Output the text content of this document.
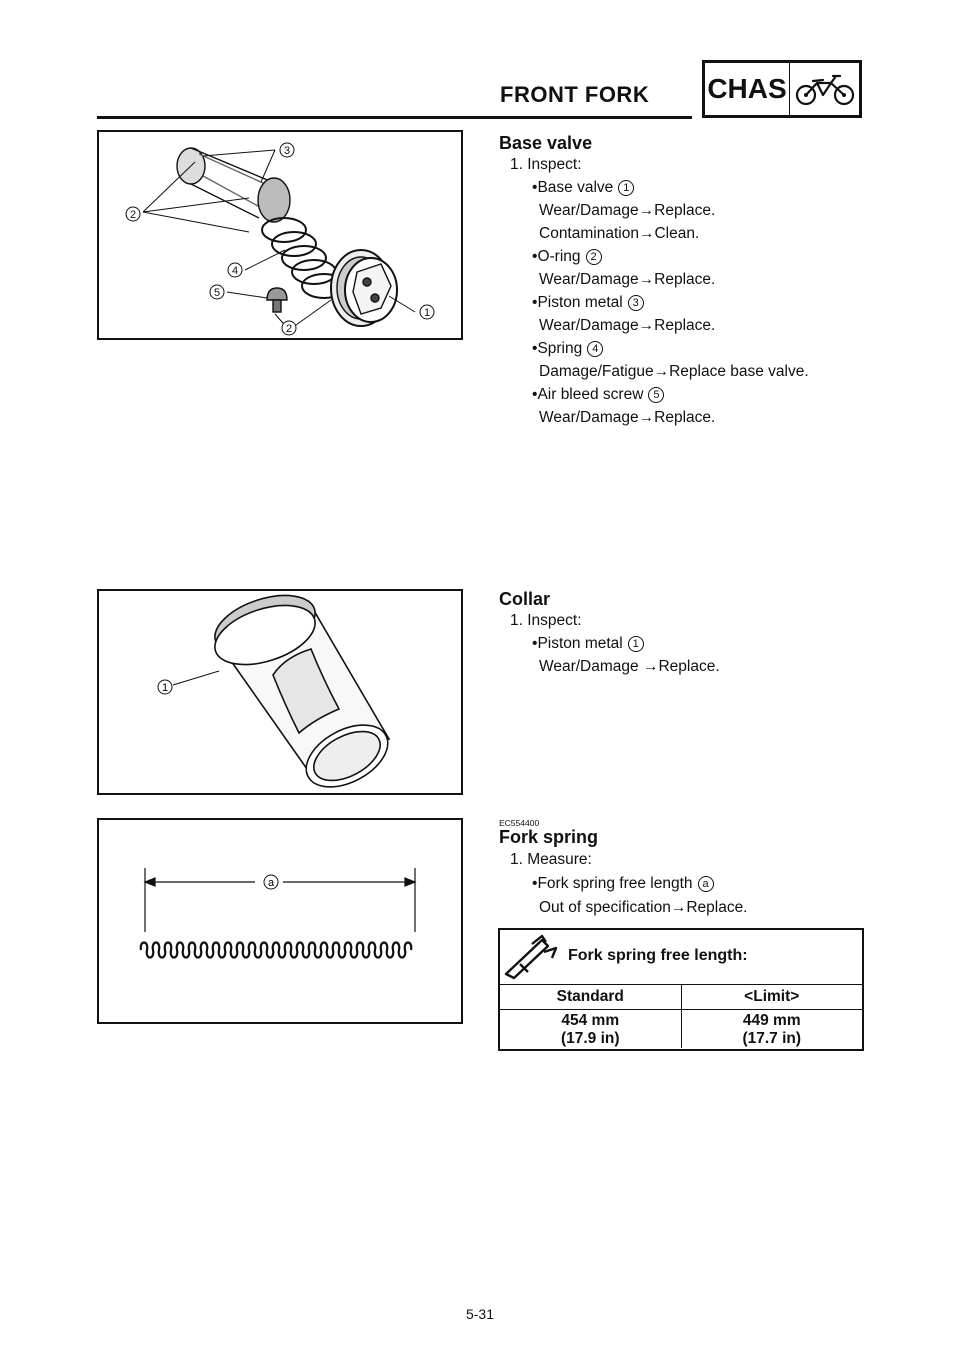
FRONT FORK	CHAS
3
2
4
5
2
1
Base valve
1. Inspect:
•Base valve 1
Wear/Damage→Replace.
Contamination→Clean.
•O-ring 2
Wear/Damage→Replace.
•Piston metal 3
Wear/Damage→Replace.
•Spring 4
Damage/Fatigue→Replace base valve.
•Air bleed screw 5
Wear/Damage→Replace.
1
Collar
1. Inspect:
•Piston metal 1
Wear/Damage →Replace.
a
EC554400
Fork spring
1. Measure:
•Fork spring free length a
Out of specification→Replace.
Fork spring free length:
Standard	<Limit>
454 mm
(17.9 in)
449 mm
(17.7 in)
5-31
